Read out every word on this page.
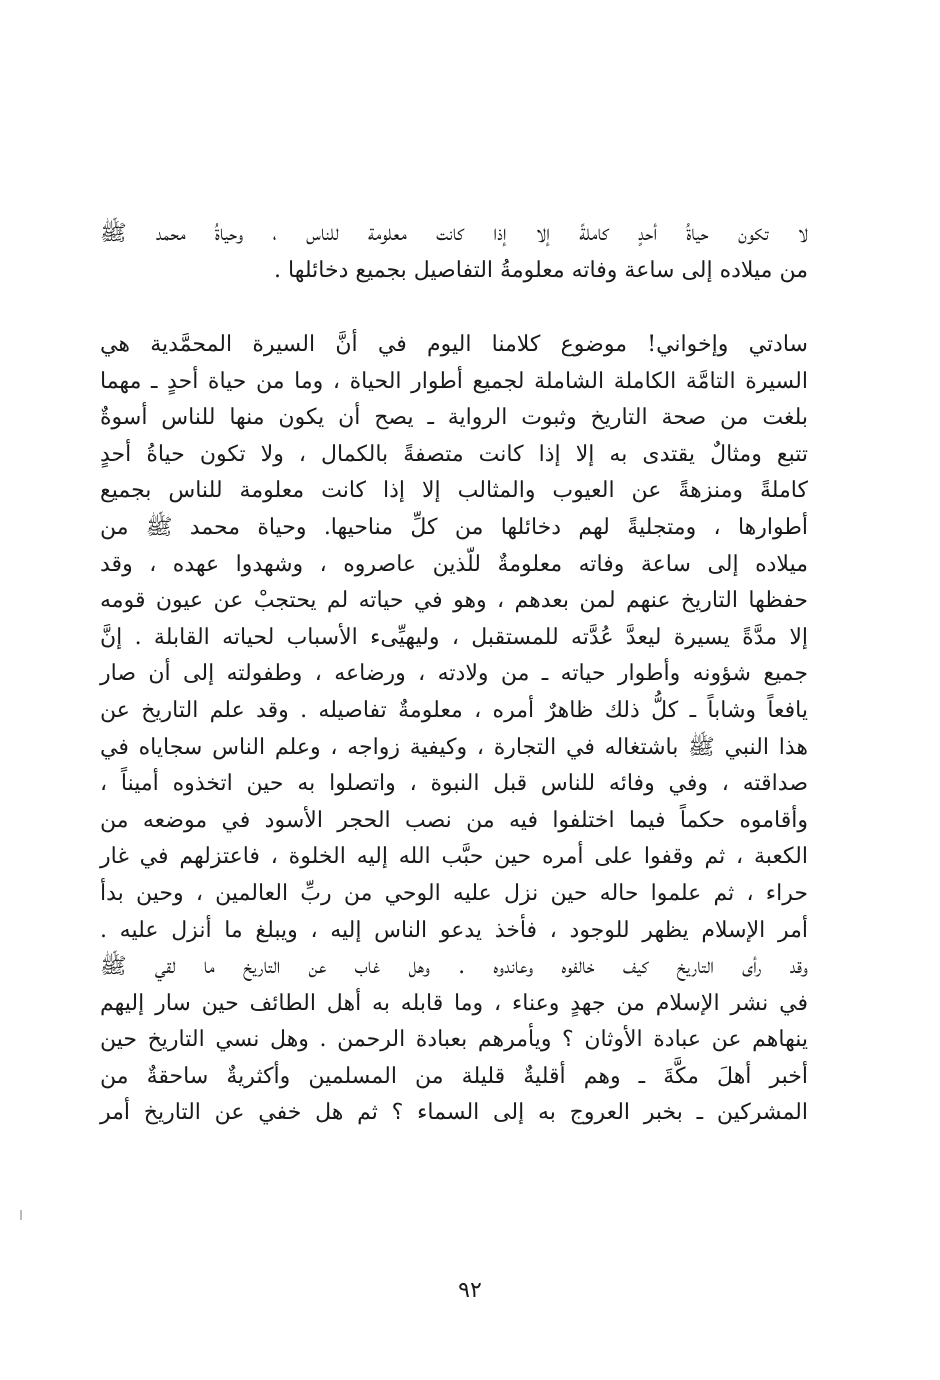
لا تكون حياةُ أحدٍ كاملةً إلا إذا كانت معلومة للناس ، وحياةُ محمد ﷺ
من ميلاده إلى ساعة وفاته معلومةُ التفاصيل بجميع دخائلها .
سادتي وإخواني! موضوع كلامنا اليوم في أنَّ السيرة المحمَّدية هي
السيرة التامَّة الكاملة الشاملة لجميع أطوار الحياة ، وما من حياة أحدٍ ـ مهما
بلغت من صحة التاريخ وثبوت الرواية ـ يصح أن يكون منها للناس أسوةٌ
تتبع ومثالٌ يقتدى به إلا إذا كانت متصفةً بالكمال ، ولا تكون حياةُ أحدٍ
كاملةً ومنزهةً عن العيوب والمثالب إلا إذا كانت معلومة للناس بجميع
أطوارها ، ومتجليةً لهم دخائلها من كلِّ مناحيها. وحياة محمد ﷺ من
ميلاده إلى ساعة وفاته معلومةٌ للّذين عاصروه ، وشهدوا عهده ، وقد
حفظها التاريخ عنهم لمن بعدهم ، وهو في حياته لم يحتجبْ عن عيون قومه
إلا مدَّةً يسيرة ليعدَّ عُدَّته للمستقبل ، وليهيِّىء الأسباب لحياته القابلة . إنَّ
جميع شؤونه وأطوار حياته ـ من ولادته ، ورضاعه ، وطفولته إلى أن صار
يافعاً وشاباً ـ كلُّ ذلك ظاهرٌ أمره ، معلومةٌ تفاصيله . وقد علم التاريخ عن
هذا النبي ﷺ باشتغاله في التجارة ، وكيفية زواجه ، وعلم الناس سجاياه في
صداقته ، وفي وفائه للناس قبل النبوة ، واتصلوا به حين اتخذوه أميناً ،
وأقاموه حكماً فيما اختلفوا فيه من نصب الحجر الأسود في موضعه من
الكعبة ، ثم وقفوا على أمره حين حبَّب الله إليه الخلوة ، فاعتزلهم في غار
حراء ، ثم علموا حاله حين نزل عليه الوحي من ربِّ العالمين ، وحين بدأ
أمر الإسلام يظهر للوجود ، فأخذ يدعو الناس إليه ، ويبلغ ما أنزل عليه .
وقد رأى التاريخ كيف خالفوه وعاندوه . وهل غاب عن التاريخ ما لقي ﷺ
في نشر الإسلام من جهدٍ وعناء ، وما قابله به أهل الطائف حين سار إليهم
ينهاهم عن عبادة الأوثان ؟ ويأمرهم بعبادة الرحمن . وهل نسي التاريخ حين
أخبر أهلَ مكَّةَ ـ وهم أقليةٌ قليلة من المسلمين وأكثريةٌ ساحقةٌ من
المشركين ـ بخبر العروج به إلى السماء ؟ ثم هل خفي عن التاريخ أمر
٩٢
